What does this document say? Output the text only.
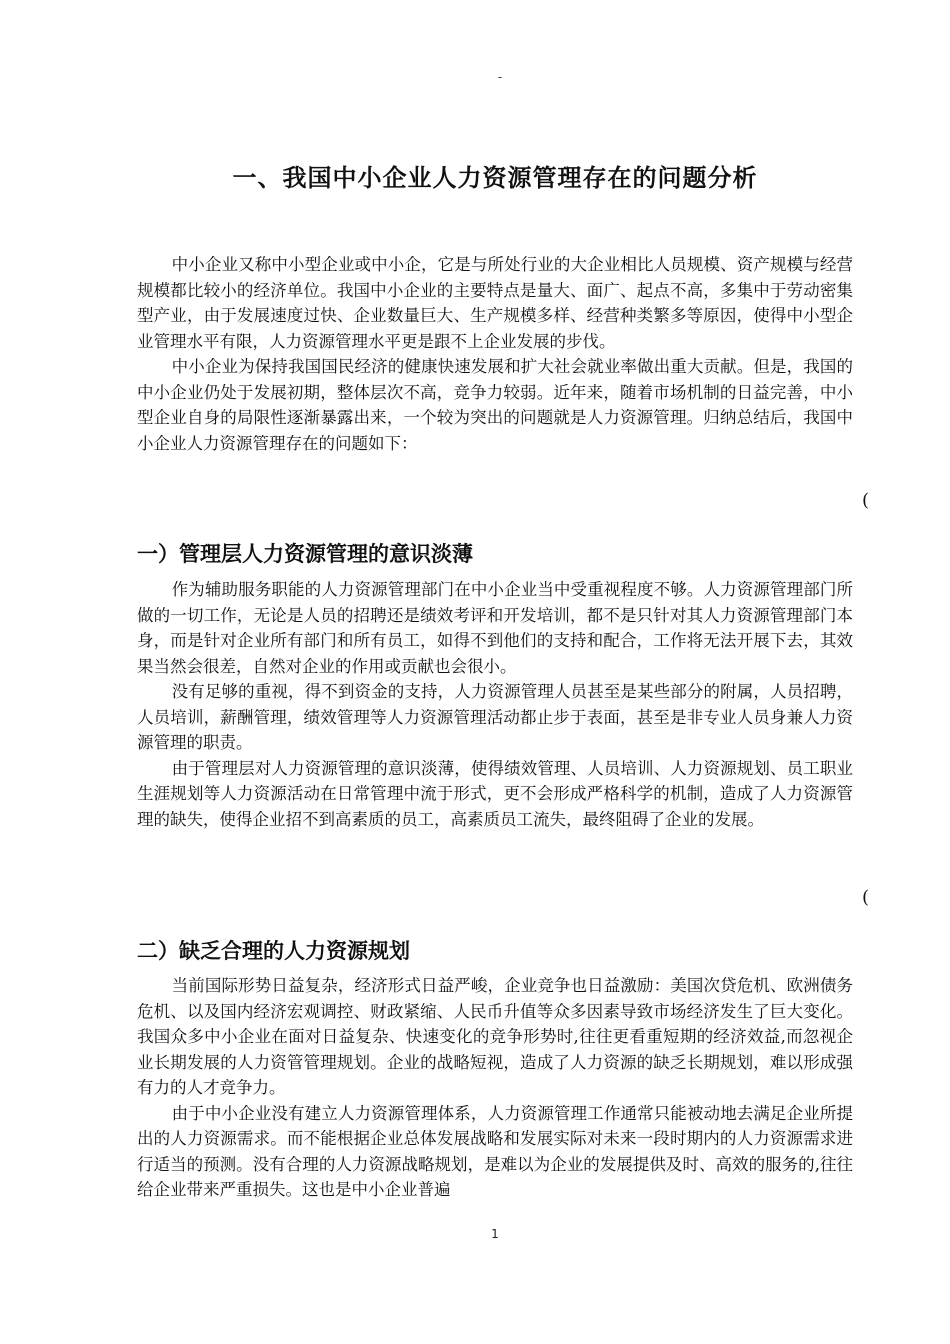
-
一、我国中小企业人力资源管理存在的问题分析

中小企业又称中小型企业或中小企，它是与所处行业的大企业相比人员规模、资产规模与经营规模都比较小的经济单位。我国中小企业的主要特点是量大、面广、起点不高，多集中于劳动密集型产业，由于发展速度过快、企业数量巨大、生产规模多样、经营种类繁多等原因，使得中小型企业管理水平有限，人力资源管理水平更是跟不上企业发展的步伐。

中小企业为保持我国国民经济的健康快速发展和扩大社会就业率做出重大贡献。但是，我国的中小企业仍处于发展初期，整体层次不高，竞争力较弱。近年来，随着市场机制的日益完善，中小型企业自身的局限性逐渐暴露出来，一个较为突出的问题就是人力资源管理。归纳总结后，我国中小企业人力资源管理存在的问题如下：

(
一）管理层人力资源管理的意识淡薄

作为辅助服务职能的人力资源管理部门在中小企业当中受重视程度不够。人力资源管理部门所做的一切工作，无论是人员的招聘还是绩效考评和开发培训，都不是只针对其人力资源管理部门本身，而是针对企业所有部门和所有员工，如得不到他们的支持和配合，工作将无法开展下去，其效果当然会很差，自然对企业的作用或贡献也会很小。

没有足够的重视，得不到资金的支持，人力资源管理人员甚至是某些部分的附属，人员招聘，人员培训，薪酬管理，绩效管理等人力资源管理活动都止步于表面，甚至是非专业人员身兼人力资源管理的职责。

由于管理层对人力资源管理的意识淡薄，使得绩效管理、人员培训、人力资源规划、员工职业生涯规划等人力资源活动在日常管理中流于形式，更不会形成严格科学的机制，造成了人力资源管理的缺失，使得企业招不到高素质的员工，高素质员工流失，最终阻碍了企业的发展。

(
二）缺乏合理的人力资源规划

当前国际形势日益复杂，经济形式日益严峻，企业竞争也日益激励：美国次贷危机、欧洲债务危机、以及国内经济宏观调控、财政紧缩、人民币升值等众多因素导致市场经济发生了巨大变化。我国众多中小企业在面对日益复杂、快速变化的竞争形势时,往往更看重短期的经济效益,而忽视企业长期发展的人力资管管理规划。企业的战略短视，造成了人力资源的缺乏长期规划，难以形成强有力的人才竞争力。

由于中小企业没有建立人力资源管理体系，人力资源管理工作通常只能被动地去满足企业所提出的人力资源需求。而不能根据企业总体发展战略和发展实际对未来一段时期内的人力资源需求进行适当的预测。没有合理的人力资源战略规划，是难以为企业的发展提供及时、高效的服务的,往往给企业带来严重损失。这也是中小企业普遍

1
